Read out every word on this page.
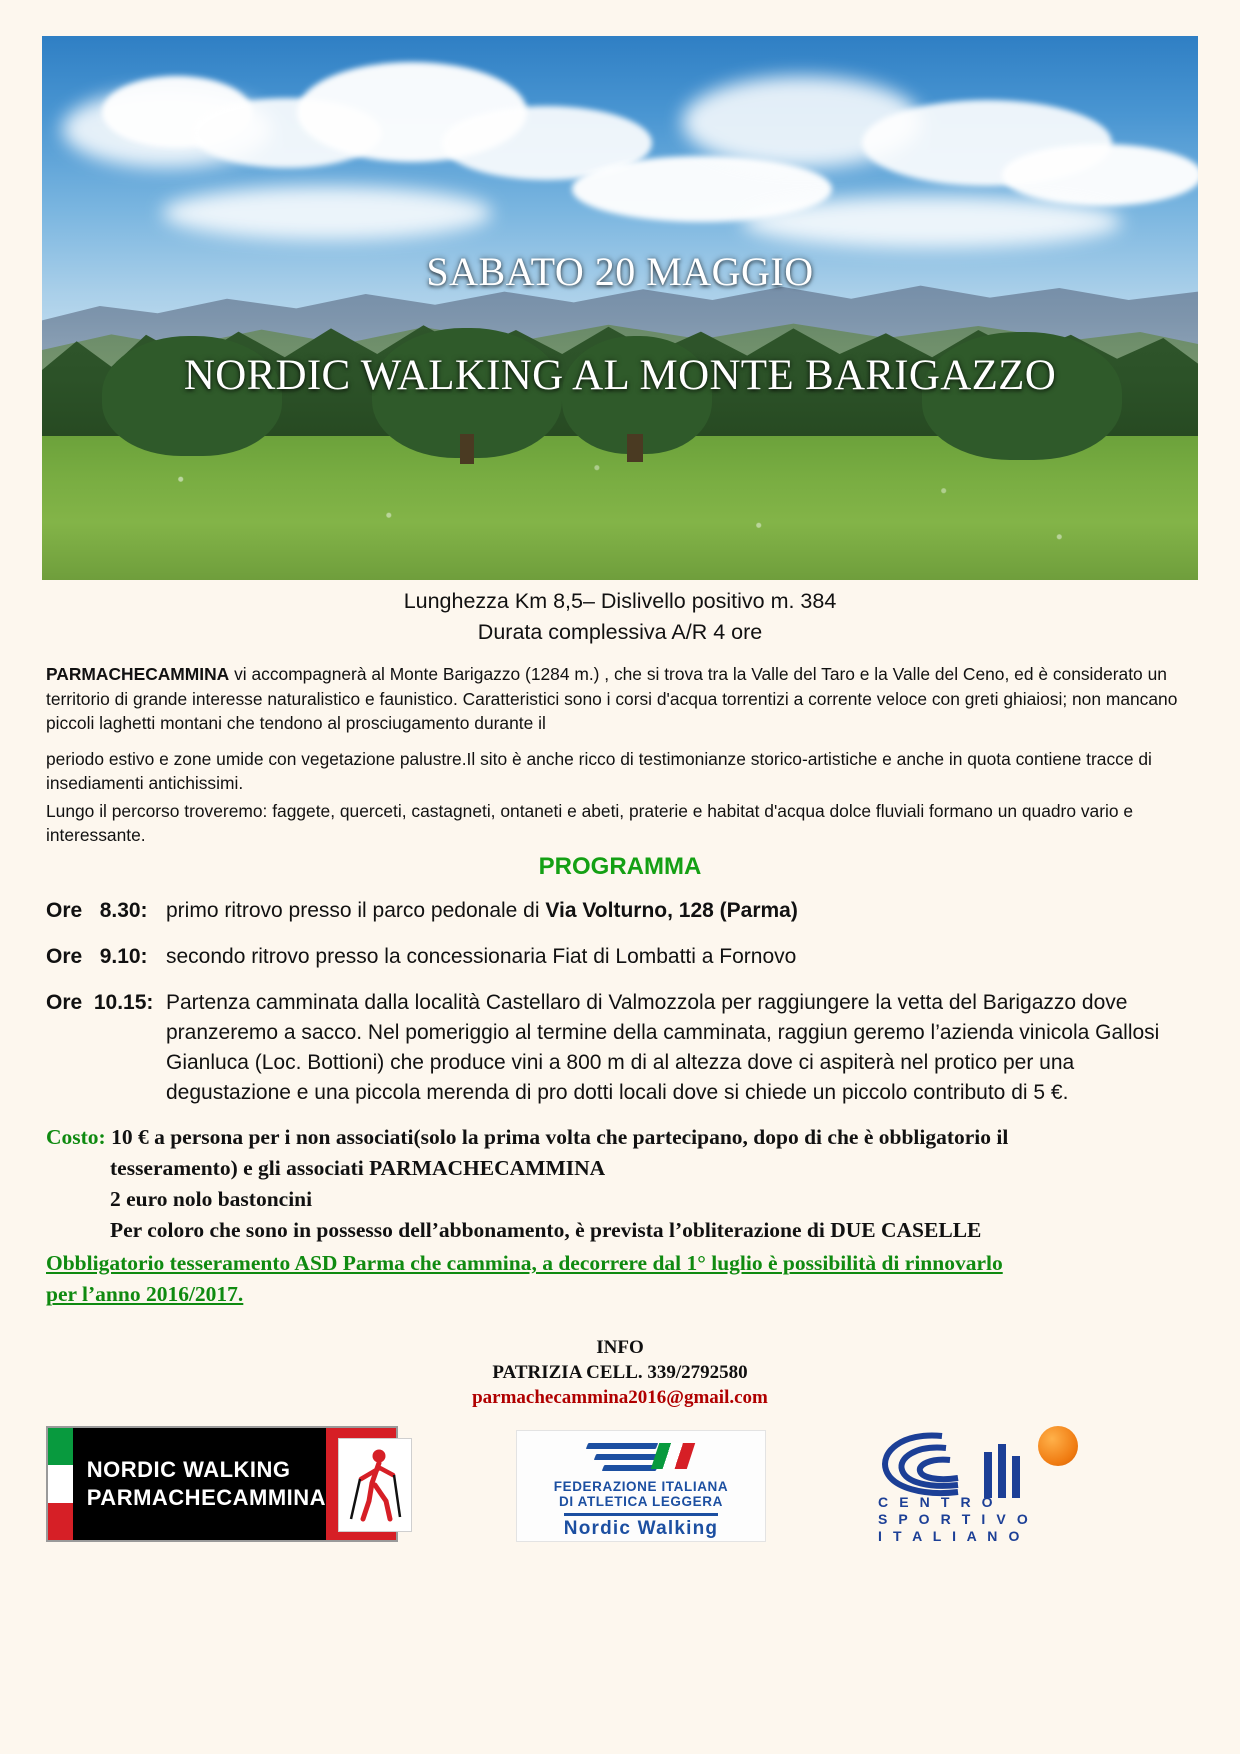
SABATO 20 MAGGIO
NORDIC WALKING AL MONTE BARIGAZZO
Lunghezza Km 8,5– Dislivello positivo m. 384
Durata complessiva A/R 4 ore

PARMACHECAMMINA vi accompagnerà al Monte Barigazzo (1284 m.) , che si trova tra la Valle del Taro e la Valle del Ceno, ed è considerato un territorio di grande interesse naturalistico e faunistico. Caratteristici sono i corsi d'acqua torrentizi a corrente veloce con greti ghiaiosi; non mancano piccoli laghetti montani che tendono al prosciugamento durante il

periodo estivo e zone umide con vegetazione palustre.Il sito è anche ricco di testimonianze storico-artistiche e anche in quota contiene tracce di insediamenti antichissimi.

Lungo il percorso troveremo: faggete, querceti, castagneti, ontaneti e abeti, praterie e habitat d'acqua dolce fluviali formano un quadro vario e interessante.

PROGRAMMA
Ore   8.30: primo ritrovo presso il parco pedonale di Via Volturno, 128 (Parma)
Ore   9.10: secondo ritrovo presso la concessionaria Fiat di Lombatti a Fornovo
Ore  10.15: Partenza camminata dalla località Castellaro di Valmozzola per raggiungere la vetta del Barigazzo dove pranzeremo a sacco. Nel pomeriggio al termine della camminata, raggiun geremo l’azienda vinicola Gallosi Gianluca (Loc. Bottioni) che produce vini a 800 m di al altezza dove ci aspiterà nel protico per una degustazione e una piccola merenda di pro dotti locali dove si chiede un piccolo contributo di 5 €.
Costo: 10 € a persona per i non associati(solo la prima volta che partecipano, dopo di che è obbligatorio il
tesseramento) e gli associati PARMACHECAMMINA
2 euro nolo bastoncini
Per coloro che sono in possesso dell’abbonamento, è prevista l’obliterazione di DUE CASELLE
Obbligatorio tesseramento ASD Parma che cammina, a decorrere dal 1° luglio è possibilità di rinnovarlo
per l’anno 2016/2017.
INFO
PATRIZIA CELL. 339/2792580
parmachecammina2016@gmail.com
NORDIC WALKING
PARMACHECAMMINA	FEDERAZIONE ITALIANA
DI ATLETICA LEGGERA
Nordic Walking
C E N T R O
S P O R T I V O
I T A L I A N O
